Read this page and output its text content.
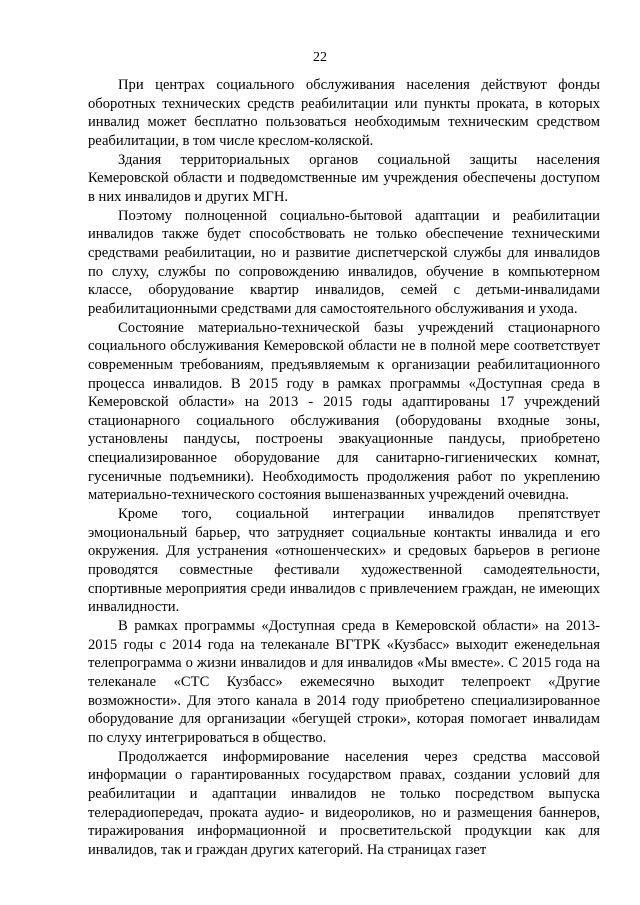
22

При центрах социального обслуживания населения действуют фонды оборотных технических средств реабилитации или пункты проката, в которых инвалид может бесплатно пользоваться необходимым техническим средством реабилитации, в том числе креслом-коляской.

Здания территориальных органов социальной защиты населения Кемеровской области и подведомственные им учреждения обеспечены доступом в них инвалидов и других МГН.

Поэтому полноценной социально-бытовой адаптации и реабилитации инвалидов также будет способствовать не только обеспечение техническими средствами реабилитации, но и развитие диспетчерской службы для инвалидов по слуху, службы по сопровождению инвалидов, обучение в компьютерном классе, оборудование квартир инвалидов, семей с детьми-инвалидами реабилитационными средствами для самостоятельного обслуживания и ухода.

Состояние материально-технической базы учреждений стационарного социального обслуживания Кемеровской области не в полной мере соответствует современным требованиям, предъявляемым к организации реабилитационного процесса инвалидов. В 2015 году в рамках программы «Доступная среда в Кемеровской области» на 2013 - 2015 годы адаптированы 17 учреждений стационарного социального обслуживания (оборудованы входные зоны, установлены пандусы, построены эвакуационные пандусы, приобретено специализированное оборудование для санитарно-гигиенических комнат, гусеничные подъемники). Необходимость продолжения работ по укреплению материально-технического состояния вышеназванных учреждений очевидна.

Кроме того, социальной интеграции инвалидов препятствует эмоциональный барьер, что затрудняет социальные контакты инвалида и его окружения. Для устранения «отношенческих» и средовых барьеров в регионе проводятся совместные фестивали художественной самодеятельности, спортивные мероприятия среди инвалидов с привлечением граждан, не имеющих инвалидности.

В рамках программы «Доступная среда в Кемеровской области» на 2013-2015 годы с 2014 года на телеканале ВГТРК «Кузбасс» выходит еженедельная телепрограмма о жизни инвалидов и для инвалидов «Мы вместе». С 2015 года на телеканале «СТС Кузбасс» ежемесячно выходит телепроект «Другие возможности». Для этого канала в 2014 году приобретено специализированное оборудование для организации «бегущей строки», которая помогает инвалидам по слуху интегрироваться в общество.

Продолжается информирование населения через средства массовой информации о гарантированных государством правах, создании условий для реабилитации и адаптации инвалидов не только посредством выпуска телерадиопередач, проката аудио- и видеороликов, но и размещения баннеров, тиражирования информационной и просветительской продукции как для инвалидов, так и граждан других категорий. На страницах газет
